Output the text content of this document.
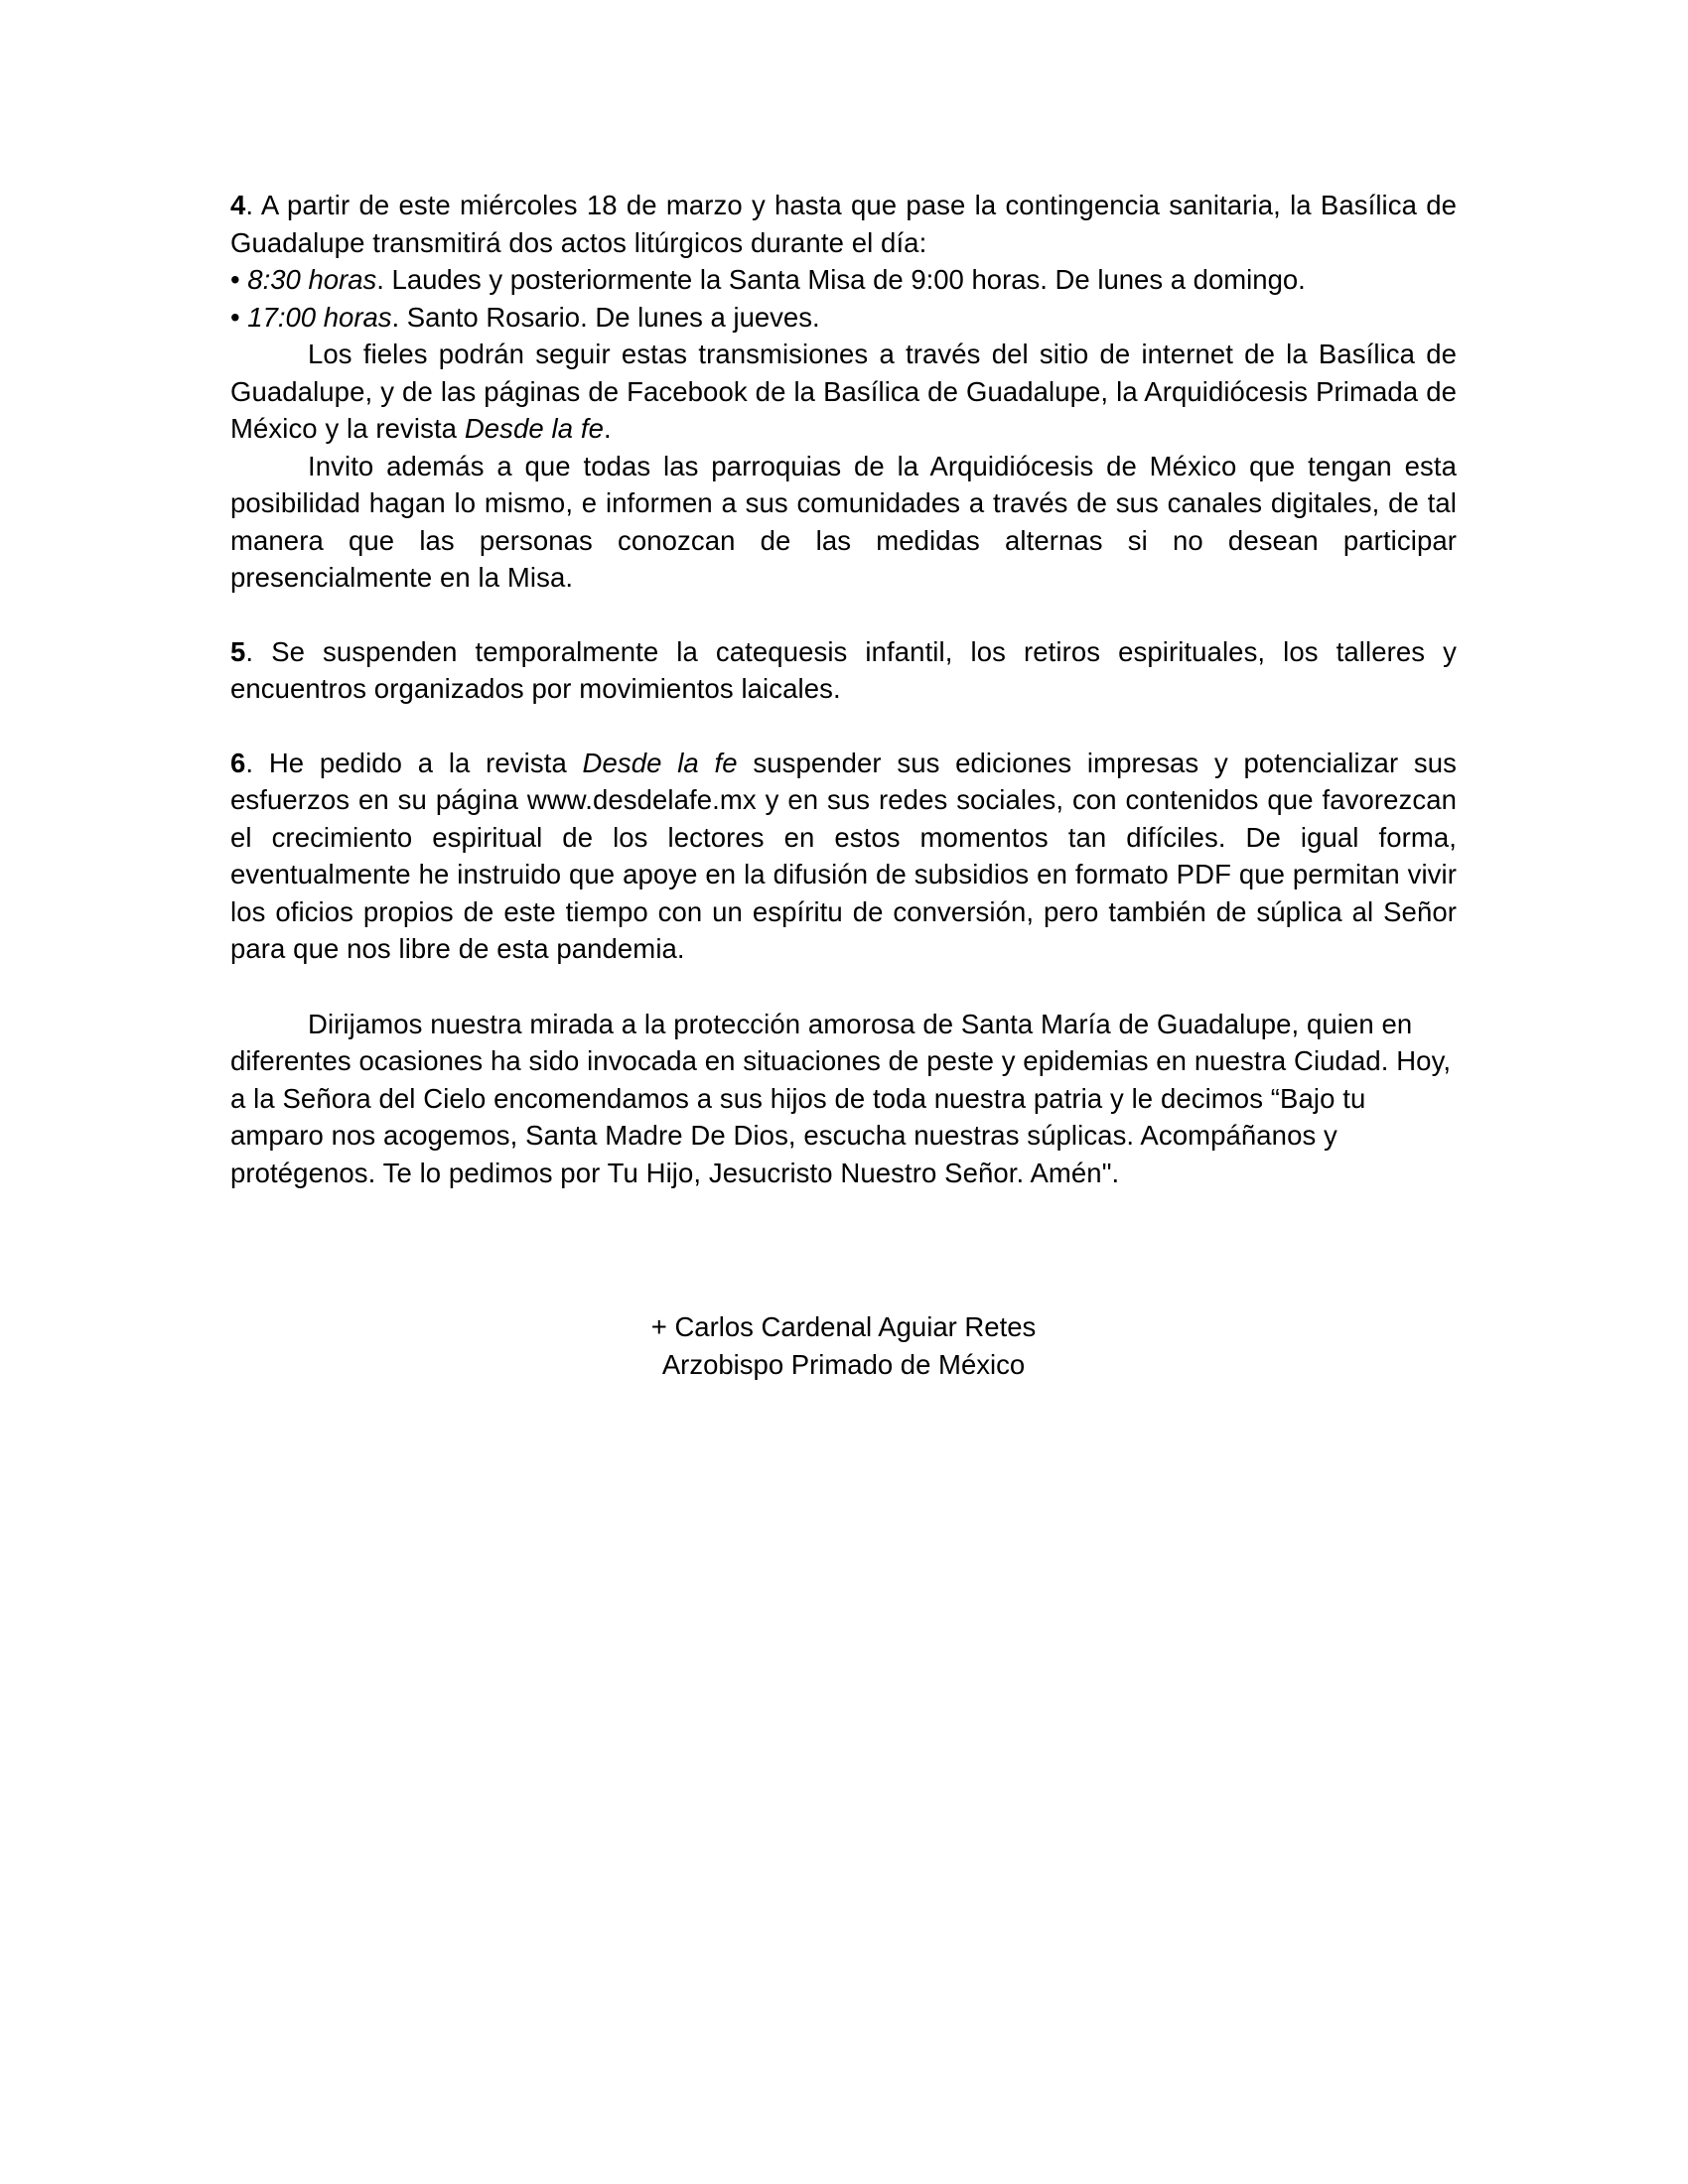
4. A partir de este miércoles 18 de marzo y hasta que pase la contingencia sanitaria, la Basílica de Guadalupe transmitirá dos actos litúrgicos durante el día:

• 8:30 horas. Laudes y posteriormente la Santa Misa de 9:00 horas. De lunes a domingo.

• 17:00 horas. Santo Rosario. De lunes a jueves.

Los fieles podrán seguir estas transmisiones a través del sitio de internet de la Basílica de Guadalupe, y de las páginas de Facebook de la Basílica de Guadalupe, la Arquidiócesis Primada de México y la revista Desde la fe.

Invito además a que todas las parroquias de la Arquidiócesis de México que tengan esta posibilidad hagan lo mismo, e informen a sus comunidades a través de sus canales digitales, de tal manera que las personas conozcan de las medidas alternas si no desean participar presencialmente en la Misa.

5. Se suspenden temporalmente la catequesis infantil, los retiros espirituales, los talleres y encuentros organizados por movimientos laicales.

6. He pedido a la revista Desde la fe suspender sus ediciones impresas y potencializar sus esfuerzos en su página www.desdelafe.mx y en sus redes sociales, con contenidos que favorezcan el crecimiento espiritual de los lectores en estos momentos tan difíciles. De igual forma, eventualmente he instruido que apoye en la difusión de subsidios en formato PDF que permitan vivir los oficios propios de este tiempo con un espíritu de conversión, pero también de súplica al Señor para que nos libre de esta pandemia.

Dirijamos nuestra mirada a la protección amorosa de Santa María de Guadalupe, quien en diferentes ocasiones ha sido invocada en situaciones de peste y epidemias en nuestra Ciudad. Hoy, a la Señora del Cielo encomendamos a sus hijos de toda nuestra patria y le decimos “Bajo tu amparo nos acogemos, Santa Madre De Dios, escucha nuestras súplicas. Acompáñanos y protégenos. Te lo pedimos por Tu Hijo, Jesucristo Nuestro Señor. Amén".

+ Carlos Cardenal Aguiar Retes

Arzobispo Primado de México
